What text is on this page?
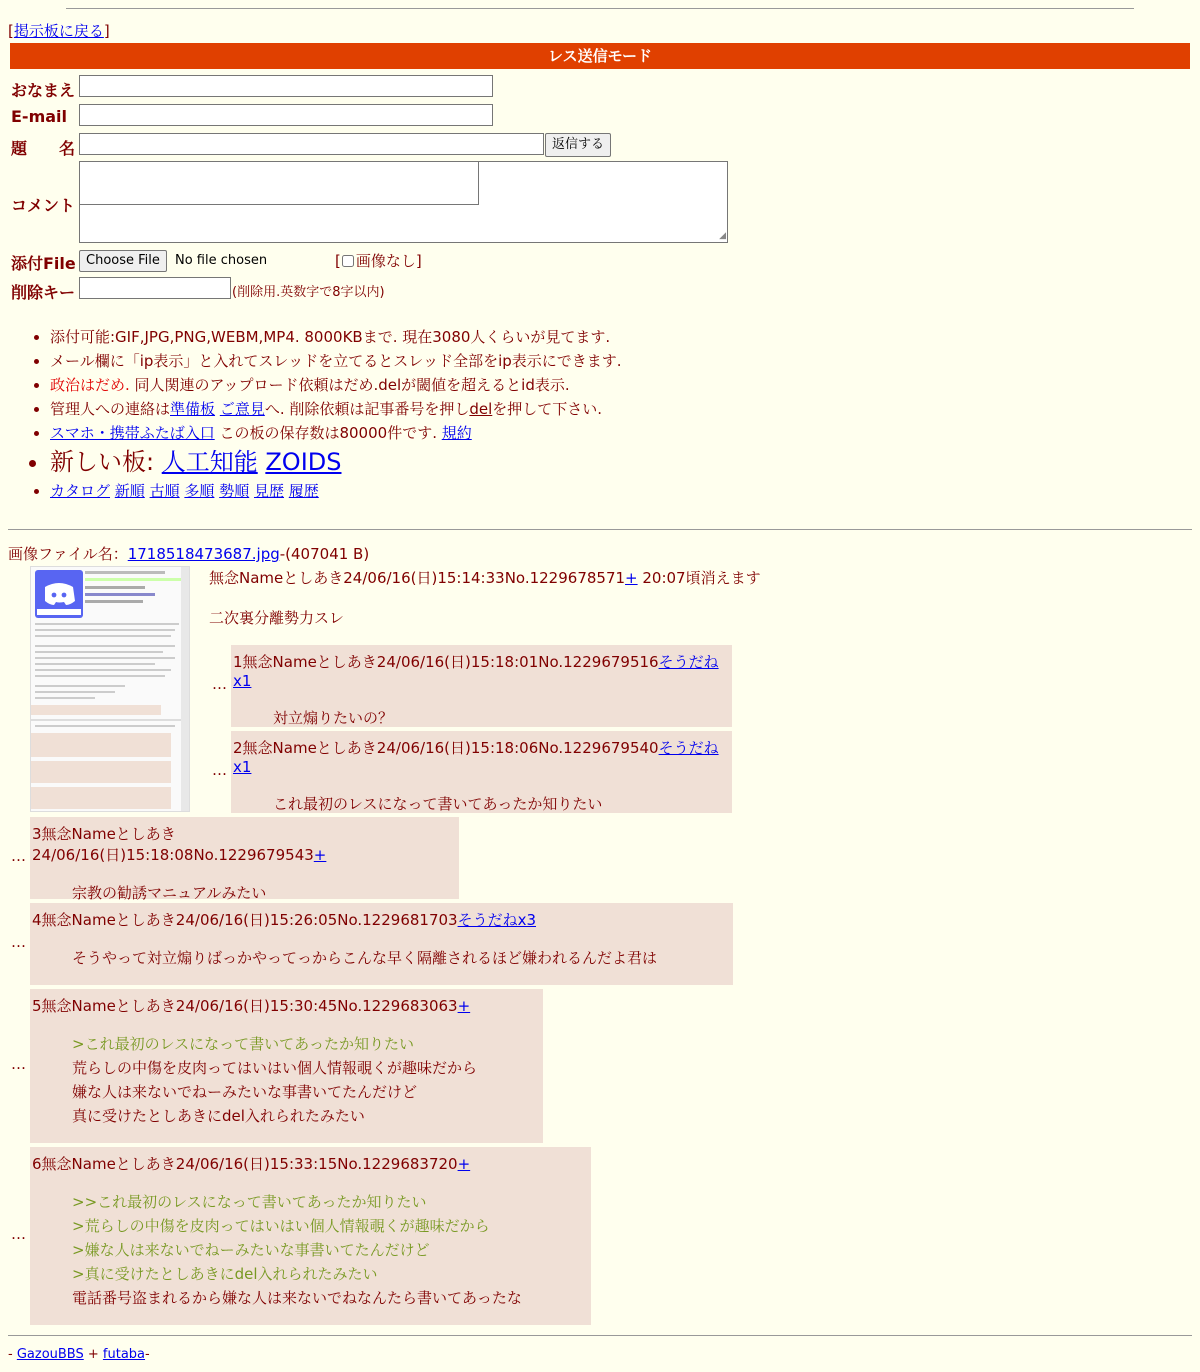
[掲示板に戻る]
レス送信モード
おなまえ
E-mail
題　　名	返信する
コメント
◢
添付File Choose File	No file chosen	[ 画像なし]
削除キー	(削除用.英数字で8字以内)
• 添付可能:GIF,JPG,PNG,WEBM,MP4. 8000KBまで. 現在3080人くらいが見てます.
• メール欄に「ip表示」と入れてスレッドを立てるとスレッド全部をip表示にできます.
• 政治はだめ. 同人関連のアップロード依頼はだめ.delが閾値を超えるとid表示.
• 管理人への連絡は準備板 ご意見へ. 削除依頼は記事番号を押しdelを押して下さい.
• スマホ・携帯ふたば入口 この板の保存数は80000件です. 規約
• 新しい板: 人工知能 ZOIDS
• カタログ 新順 古順 多順 勢順 見歴 履歴
画像ファイル名：1718518473687.jpg-(407041 B)
無念Nameとしあき24/06/16(日)15:14:33No.1229678571+ 20:07頃消えます
二次裏分離勢力スレ
…
1無念Nameとしあき24/06/16(日)15:18:01No.1229679516そうだねx1
対立煽りたいの？
…
2無念Nameとしあき24/06/16(日)15:18:06No.1229679540そうだねx1
これ最初のレスになって書いてあったか知りたい
…
3無念Nameとしあき24/06/16(日)15:18:08No.1229679543+
宗教の勧誘マニュアルみたい
…
4無念Nameとしあき24/06/16(日)15:26:05No.1229681703そうだねx3
そうやって対立煽りばっかやってっからこんな早く隔離されるほど嫌われるんだよ君は
…
5無念Nameとしあき24/06/16(日)15:30:45No.1229683063+
>これ最初のレスになって書いてあったか知りたい
荒らしの中傷を皮肉ってはいはい個人情報覗くが趣味だから
嫌な人は来ないでねーみたいな事書いてたんだけど
真に受けたとしあきにdel入れられたみたい
…
6無念Nameとしあき24/06/16(日)15:33:15No.1229683720+
>>これ最初のレスになって書いてあったか知りたい
>荒らしの中傷を皮肉ってはいはい個人情報覗くが趣味だから
>嫌な人は来ないでねーみたいな事書いてたんだけど
>真に受けたとしあきにdel入れられたみたい
電話番号盗まれるから嫌な人は来ないでねなんたら書いてあったな
- GazouBBS + futaba-
